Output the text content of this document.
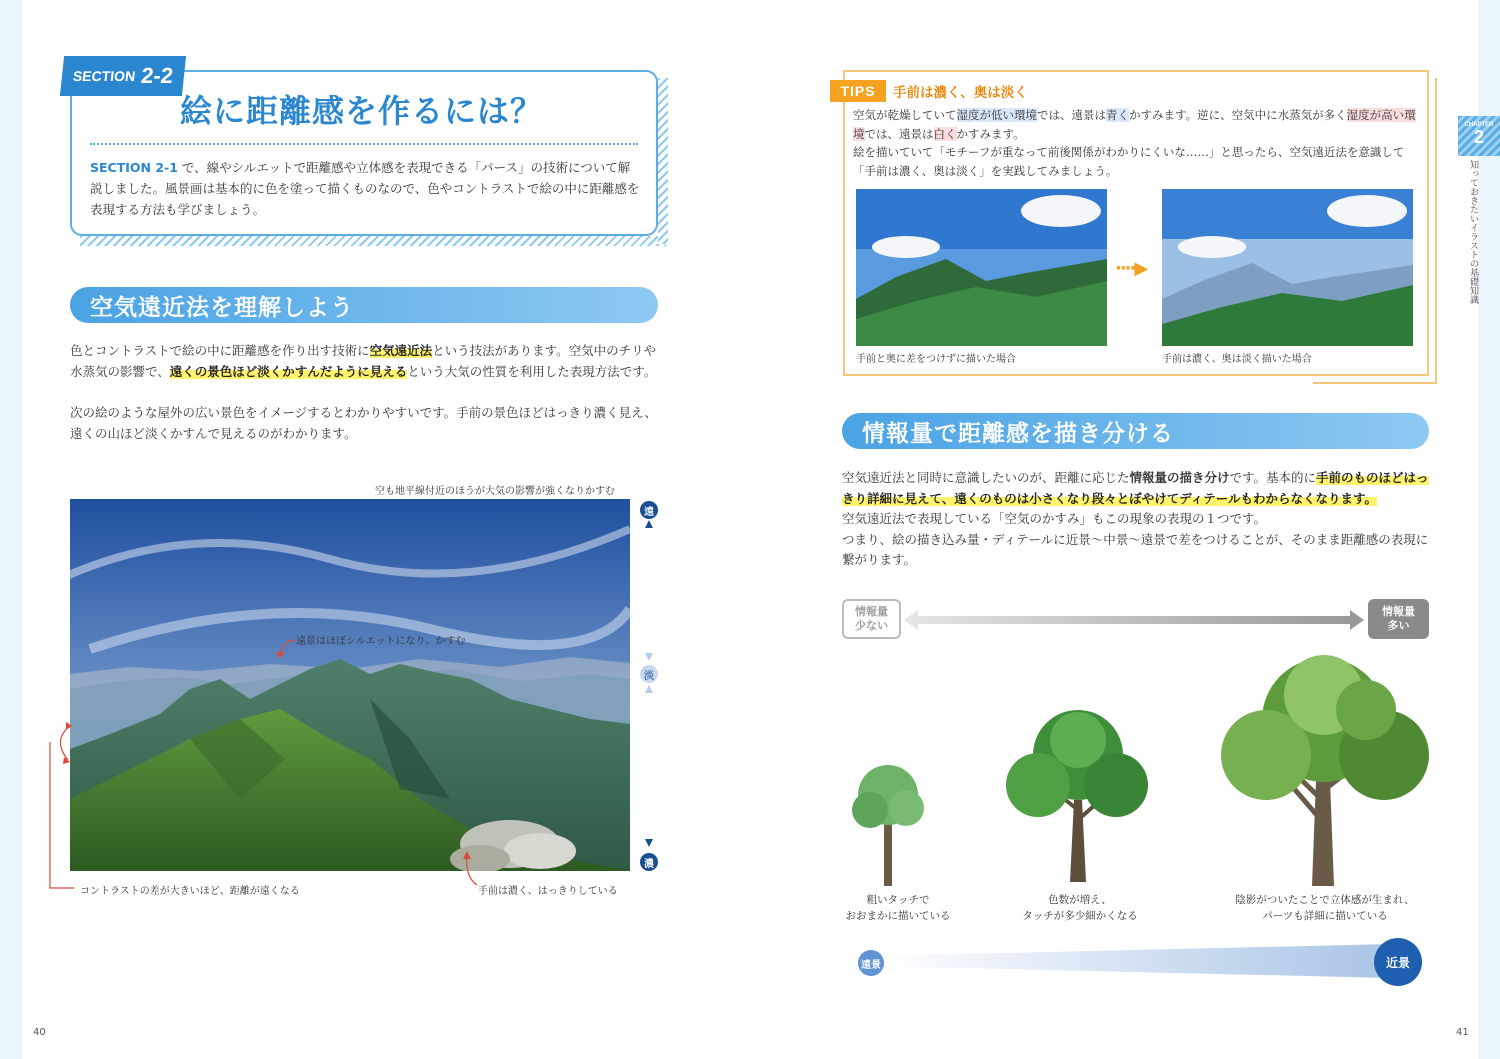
SECTION 2-2
絵に距離感を作るには？
SECTION 2-1 で、線やシルエットで距離感や立体感を表現できる「パース」の技術について解説しました。風景画は基本的に色を塗って描くものなので、色やコントラストで絵の中に距離感を表現する方法も学びましょう。
空気遠近法を理解しよう
色とコントラストで絵の中に距離感を作り出す技術に空気遠近法という技法があります。空気中のチリや水蒸気の影響で、遠くの景色ほど淡くかすんだように見えるという大気の性質を利用した表現方法です。
次の絵のような屋外の広い景色をイメージするとわかりやすいです。手前の景色ほどはっきり濃く見え、遠くの山ほど淡くかすんで見えるのがわかります。
空も地平線付近のほうが大気の影響が強くなりかすむ
遠景はほぼシルエットになり、かすむ
コントラストの差が大きいほど、距離が遠くなる	手前は濃く、はっきりしている
遠
淡
濃
40
TIPS	手前は濃く、奥は淡く
空気が乾燥していて湿度が低い環境では、遠景は青くかすみます。逆に、空気中に水蒸気が多く湿度が高い環境では、遠景は白くかすみます。
絵を描いていて「モチーフが重なって前後関係がわかりにくいな……」と思ったら、空気遠近法を意識して「手前は濃く、奥は淡く」を実践してみましょう。
····▶
手前と奥に差をつけずに描いた場合	手前は濃く、奥は淡く描いた場合
情報量で距離感を描き分ける
空気遠近法と同時に意識したいのが、距離に応じた情報量の描き分けです。基本的に手前のものほどはっきり詳細に見えて、遠くのものは小さくなり段々とぼやけてディテールもわからなくなります。
空気遠近法で表現している「空気のかすみ」もこの現象の表現の１つです。
つまり、絵の描き込み量・ディテールに近景〜中景〜遠景で差をつけることが、そのまま距離感の表現に繋がります。
情報量
少ない
情報量
多い
粗いタッチで
おおまかに描いている
色数が増え、
タッチが多少細かくなる
陰影がついたことで立体感が生まれ、
パーツも詳細に描いている
遠景	近景
CHAPTER
2
知っておきたいイラストの基礎知識
41
